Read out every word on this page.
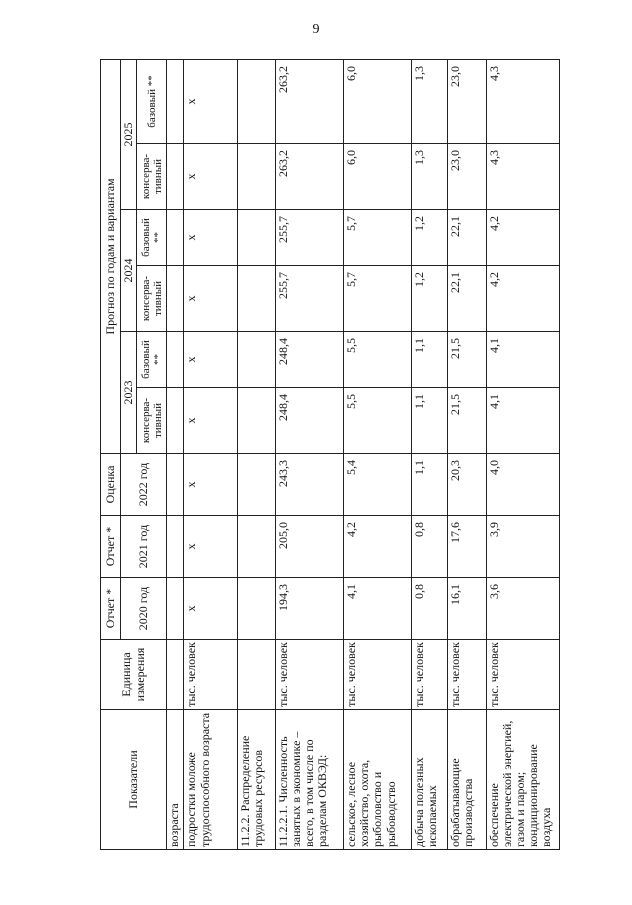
9
Показатели	Единица измерения	Отчет *	Отчет *	Оценка	Прогноз по годам и вариантам					
		2020 год	2021 год	2022 год	2023		2024		2025	
					консерва-тивный	базовый **	консерва-тивный	базовый **	консерва-тивный	базовый **
возраста										
подростки моложе трудоспособного возраста	тыс. человек	x	x	x	x	x	x	x	x	x
11.2.2. Распределение трудовых ресурсов										
11.2.2.1. Численность занятых в экономике – всего, в том числе по разделам ОКВЭД:	тыс. человек	194,3	205,0	243,3	248,4	248,4	255,7	255,7	263,2	263,2
сельское, лесное хозяйство, охота, рыболовство и рыбоводство	тыс. человек	4,1	4,2	5,4	5,5	5,5	5,7	5,7	6,0	6,0
добыча полезных ископаемых	тыс. человек	0,8	0,8	1,1	1,1	1,1	1,2	1,2	1,3	1,3
обрабатывающие производства	тыс. человек	16,1	17,6	20,3	21,5	21,5	22,1	22,1	23,0	23,0
обеспечение электрической энергией, газом и паром; кондиционирование воздуха	тыс. человек	3,6	3,9	4,0	4,1	4,1	4,2	4,2	4,3	4,3
